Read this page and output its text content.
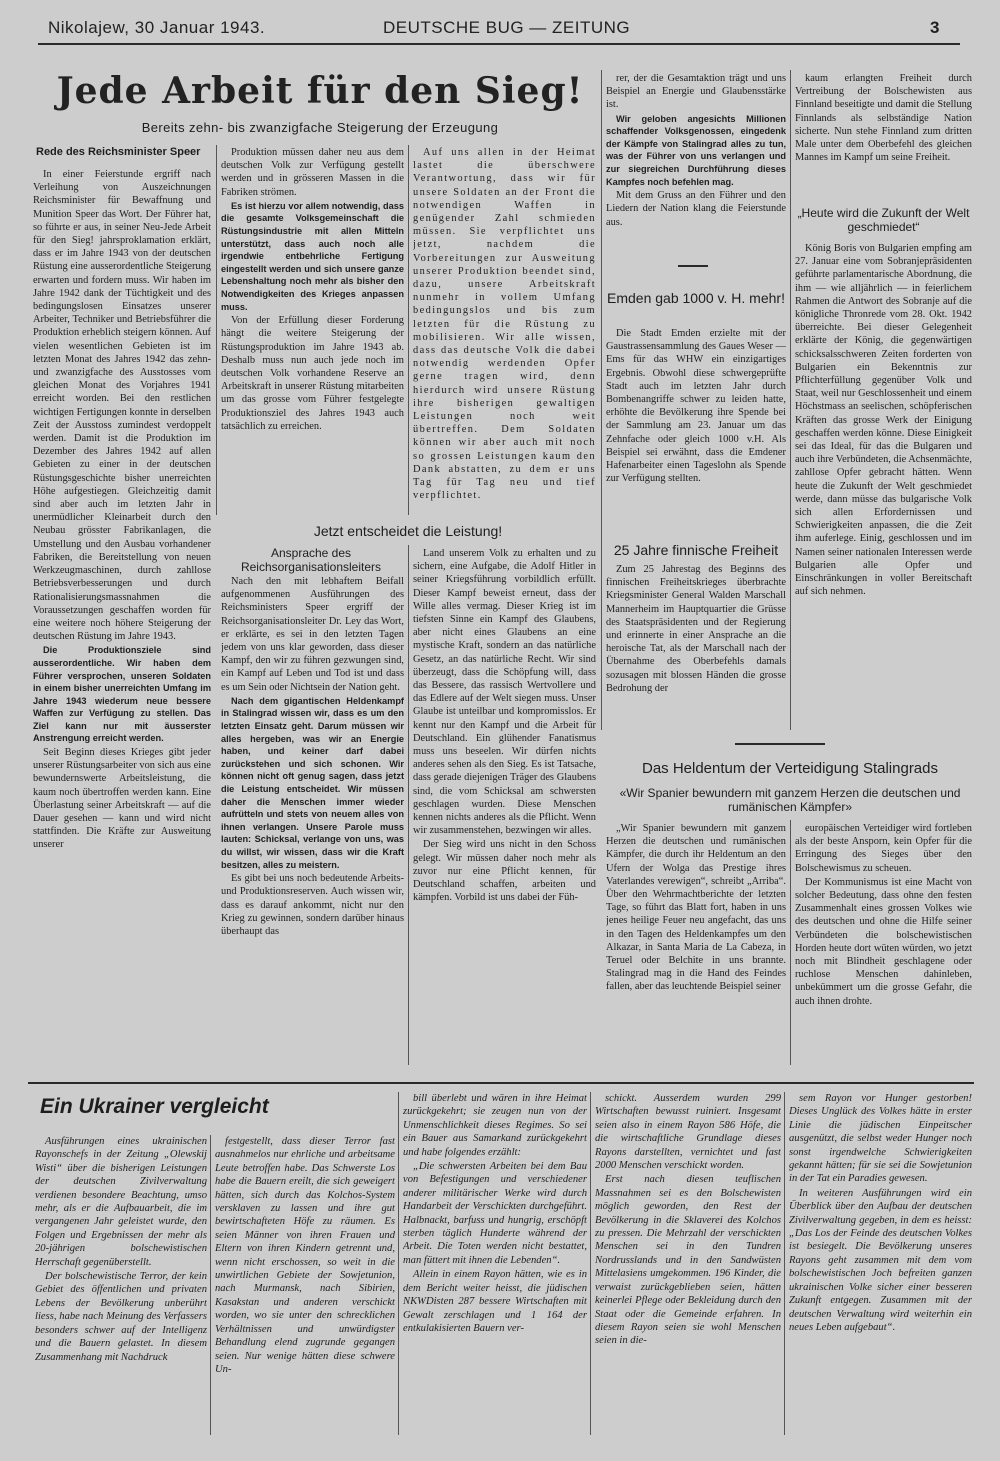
Nikolajew, 30 Januar 1943.	DEUTSCHE BUG — ZEITUNG	3
Jede Arbeit für den Sieg!
Bereits zehn- bis zwanzigfache Steigerung der Erzeugung
Rede des Reichsminister Speer

In einer Feierstunde ergriff nach Verleihung von Auszeichnungen Reichsminister für Bewaffnung und Munition Speer das Wort. Der Führer hat, so führte er aus, in seiner Neu-Jede Arbeit für den Sieg! jahrsproklamation erklärt, dass er im Jahre 1943 von der deutschen Rüstung eine ausserordentliche Steigerung erwarten und fordern muss. Wir haben im Jahre 1942 dank der Tüchtigkeit und des bedingungslosen Einsatzes unserer Arbeiter, Techniker und Betriebsführer die Produktion erheblich steigern können. Auf vielen wesentlichen Gebieten ist im letzten Monat des Jahres 1942 das zehn- und zwanzigfache des Ausstosses vom gleichen Monat des Vorjahres 1941 erreicht worden. Bei den restlichen wichtigen Fertigungen konnte in derselben Zeit der Ausstoss zumindest verdoppelt werden. Damit ist die Produktion im Dezember des Jahres 1942 auf allen Gebieten zu einer in der deutschen Rüstungsgeschichte bisher unerreichten Höhe aufgestiegen. Gleichzeitig damit sind aber auch im letzten Jahr in unermüdlicher Kleinarbeit durch den Neubau grösster Fabrikanlagen, die Umstellung und den Ausbau vorhandener Fabriken, die Bereitstellung von neuen Werkzeugmaschinen, durch zahllose Betriebsverbesserungen und durch Rationalisierungsmassnahmen die Voraussetzungen geschaffen worden für eine weitere noch höhere Steigerung der deutschen Rüstung im Jahre 1943.

Die Produktionsziele sind ausserordentliche. Wir haben dem Führer versprochen, unseren Soldaten in einem bisher unerreichten Umfang im Jahre 1943 wiederum neue bessere Waffen zur Verfügung zu stellen. Das Ziel kann nur mit äusserster Anstrengung erreicht werden.

Seit Beginn dieses Krieges gibt jeder unserer Rüstungsarbeiter von sich aus eine bewundernswerte Arbeitsleistung, die kaum noch übertroffen werden kann. Eine Überlastung seiner Arbeitskraft — auf die Dauer gesehen — kann und wird nicht stattfinden. Die Kräfte zur Ausweitung unserer

Produktion müssen daher neu aus dem deutschen Volk zur Verfügung gestellt werden und in grösseren Massen in die Fabriken strömen.

Es ist hierzu vor allem notwendig, dass die gesamte Volksgemeinschaft die Rüstungsindustrie mit allen Mitteln unterstützt, dass auch noch alle irgendwie entbehrliche Fertigung eingestellt werden und sich unsere ganze Lebenshaltung noch mehr als bisher den Notwendigkeiten des Krieges anpassen muss.

Von der Erfüllung dieser Forderung hängt die weitere Steigerung der Rüstungsproduktion im Jahre 1943 ab. Deshalb muss nun auch jede noch im deutschen Volk vorhandene Reserve an Arbeitskraft in unserer Rüstung mitarbeiten um das grosse vom Führer festgelegte Produktionsziel des Jahres 1943 auch tatsächlich zu erreichen.

Auf uns allen in der Heimat lastet die überschwere Verantwortung, dass wir für unsere Soldaten an der Front die notwendigen Waffen in genügender Zahl schmieden müssen. Sie verpflichtet uns jetzt, nachdem die Vorbereitungen zur Ausweitung unserer Produktion beendet sind, dazu, unsere Arbeitskraft nunmehr in vollem Umfang bedingungslos und bis zum letzten für die Rüstung zu mobilisieren. Wir alle wissen, dass das deutsche Volk die dabei notwendig werdenden Opfer gerne tragen wird, denn hierdurch wird unsere Rüstung ihre bisherigen gewaltigen Leistungen noch weit übertreffen. Dem Soldaten können wir aber auch mit noch so grossen Leistungen kaum den Dank abstatten, zu dem er uns Tag für Tag neu und tief verpflichtet.

rer, der die Gesamtaktion trägt und uns Beispiel an Energie und Glaubensstärke ist.

Wir geloben angesichts Millionen schaffender Volksgenossen, eingedenk der Kämpfe von Stalingrad alles zu tun, was der Führer von uns verlangen und zur siegreichen Durchführung dieses Kampfes noch befehlen mag.

Mit dem Gruss an den Führer und den Liedern der Nation klang die Feierstunde aus.

Emden gab 1000 v. H. mehr!

Die Stadt Emden erzielte mit der Gaustrassensammlung des Gaues Weser — Ems für das WHW ein einzigartiges Ergebnis. Obwohl diese schwergeprüfte Stadt auch im letzten Jahr durch Bombenangriffe schwer zu leiden hatte, erhöhte die Bevölkerung ihre Spende bei der Sammlung am 23. Januar um das Zehnfache oder gleich 1000 v.H. Als Beispiel sei erwähnt, dass die Emdener Hafenarbeiter einen Tageslohn als Spende zur Verfügung stellten.

25 Jahre finnische Freiheit

Zum 25 Jahrestag des Beginns des finnischen Freiheitskrieges überbrachte Kriegsminister General Walden Marschall Mannerheim im Hauptquartier die Grüsse des Staatspräsidenten und der Regierung und erinnerte in einer Ansprache an die heroische Tat, als der Marschall nach der Übernahme des Oberbefehls damals sozusagen mit blossen Händen die grosse Bedrohung der

kaum erlangten Freiheit durch Vertreibung der Bolschewisten aus Finnland beseitigte und damit die Stellung Finnlands als selbständige Nation sicherte. Nun stehe Finnland zum dritten Male unter dem Oberbefehl des gleichen Mannes im Kampf um seine Freiheit.

„Heute wird die Zukunft der Welt geschmiedet“

König Boris von Bulgarien empfing am 27. Januar eine vom Sobranjepräsidenten geführte parlamentarische Abordnung, die ihm — wie alljährlich — in feierlichem Rahmen die Antwort des Sobranje auf die königliche Thronrede vom 28. Okt. 1942 überreichte. Bei dieser Gelegenheit erklärte der König, die gegenwärtigen schicksalsschweren Zeiten forderten von Bulgarien ein Bekenntnis zur Pflichterfüllung gegenüber Volk und Staat, weil nur Geschlossenheit und einem Höchstmass an seelischen, schöpferischen Kräften das grosse Werk der Einigung geschaffen werden könne. Diese Einigkeit sei das Ideal, für das die Bulgaren und auch ihre Verbündeten, die Achsenmächte, zahllose Opfer gebracht hätten. Wenn heute die Zukunft der Welt geschmiedet werde, dann müsse das bulgarische Volk sich allen Erfordernissen und Schwierigkeiten anpassen, die die Zeit ihm auferlege. Einig, geschlossen und im Namen seiner nationalen Interessen werde Bulgarien alle Opfer und Einschränkungen in voller Bereitschaft auf sich nehmen.

Jetzt entscheidet die Leistung!
Ansprache des Reichsorganisationsleiters

Nach den mit lebhaftem Beifall aufgenommenen Ausführungen des Reichsministers Speer ergriff der Reichsorganisationsleiter Dr. Ley das Wort, er erklärte, es sei in den letzten Tagen jedem von uns klar geworden, dass dieser Kampf, den wir zu führen gezwungen sind, ein Kampf auf Leben und Tod ist und dass es um Sein oder Nichtsein der Nation geht.

Nach dem gigantischen Heldenkampf in Stalingrad wissen wir, dass es um den letzten Einsatz geht. Darum müssen wir alles hergeben, was wir an Energie haben, und keiner darf dabei zurückstehen und sich schonen. Wir können nicht oft genug sagen, dass jetzt die Leistung entscheidet. Wir müssen daher die Menschen immer wieder aufrütteln und stets von neuem alles von ihnen verlangen. Unsere Parole muss lauten: Schicksal, verlange von uns, was du willst, wir wissen, dass wir die Kraft besitzen, alles zu meistern.

Es gibt bei uns noch bedeutende Arbeits- und Produktionsreserven. Auch wissen wir, dass es darauf ankommt, nicht nur den Krieg zu gewinnen, sondern darüber hinaus überhaupt das

Land unserem Volk zu erhalten und zu sichern, eine Aufgabe, die Adolf Hitler in seiner Kriegsführung vorbildlich erfüllt. Dieser Kampf beweist erneut, dass der Wille alles vermag. Dieser Krieg ist im tiefsten Sinne ein Kampf des Glaubens, aber nicht eines Glaubens an eine mystische Kraft, sondern an das natürliche Gesetz, an das natürliche Recht. Wir sind überzeugt, dass die Schöpfung will, dass das Bessere, das rassisch Wertvollere und das Edlere auf der Welt siegen muss. Unser Glaube ist unteilbar und kompromisslos. Er kennt nur den Kampf und die Arbeit für Deutschland. Ein glühender Fanatismus muss uns beseelen. Wir dürfen nichts anderes sehen als den Sieg. Es ist Tatsache, dass gerade diejenigen Träger des Glaubens sind, die vom Schicksal am schwersten geschlagen wurden. Diese Menschen kennen nichts anderes als die Pflicht. Wenn wir zusammenstehen, bezwingen wir alles.

Der Sieg wird uns nicht in den Schoss gelegt. Wir müssen daher noch mehr als zuvor nur eine Pflicht kennen, für Deutschland schaffen, arbeiten und kämpfen. Vorbild ist uns dabei der Füh-

Das Heldentum der Verteidigung Stalingrads
«Wir Spanier bewundern mit ganzem Herzen die deutschen und rumänischen Kämpfer»

„Wir Spanier bewundern mit ganzem Herzen die deutschen und rumänischen Kämpfer, die durch ihr Heldentum an den Ufern der Wolga das Prestige ihres Vaterlandes verewigen“, schreibt „Arriba“. Über den Wehrmachtberichte der letzten Tage, so führt das Blatt fort, haben in uns jenes heilige Feuer neu angefacht, das uns in den Tagen des Heldenkampfes um den Alkazar, in Santa Maria de La Cabeza, in Teruel oder Belchite in uns brannte. Stalingrad mag in die Hand des Feindes fallen, aber das leuchtende Beispiel seiner

europäischen Verteidiger wird fortleben als der beste Ansporn, kein Opfer für die Erringung des Sieges über den Bolschewismus zu scheuen.

Der Kommunismus ist eine Macht von solcher Bedeutung, dass ohne den festen Zusammenhalt eines grossen Volkes wie des deutschen und ohne die Hilfe seiner Verbündeten die bolschewistischen Horden heute dort wüten würden, wo jetzt noch mit Blindheit geschlagene oder ruchlose Menschen dahinleben, unbekümmert um die grosse Gefahr, die auch ihnen drohte.

Ein Ukrainer vergleicht

Ausführungen eines ukrainischen Rayonschefs in der Zeitung „Olewskij Wisti“ über die bisherigen Leistungen der deutschen Zivilverwaltung verdienen besondere Beachtung, umso mehr, als er die Aufbauarbeit, die im vergangenen Jahr geleistet wurde, den Folgen und Ergebnissen der mehr als 20-jährigen bolschewistischen Herrschaft gegenüberstellt.

Der bolschewistische Terror, der kein Gebiet des öffentlichen und privaten Lebens der Bevölkerung unberührt liess, habe nach Meinung des Verfassers besonders schwer auf der Intelligenz und die Bauern gelastet. In diesem Zusammenhang mit Nachdruck

festgestellt, dass dieser Terror fast ausnahmelos nur ehrliche und arbeitsame Leute betroffen habe. Das Schwerste Los habe die Bauern ereilt, die sich geweigert hätten, sich durch das Kolchos-System versklaven zu lassen und ihre gut bewirtschafteten Höfe zu räumen. Es seien Männer von ihren Frauen und Eltern von ihren Kindern getrennt und, wenn nicht erschossen, so weit in die unwirtlichen Gebiete der Sowjetunion, nach Murmansk, nach Sibirien, Kasakstan und anderen verschickt worden, wo sie unter den schrecklichen Verhältnissen und unwürdigster Behandlung elend zugrunde gegangen seien. Nur wenige hätten diese schwere Un-

bill überlebt und wären in ihre Heimat zurückgekehrt; sie zeugen nun von der Unmenschlichkeit dieses Regimes. So sei ein Bauer aus Samarkand zurückgekehrt und habe folgendes erzählt:

„Die schwersten Arbeiten bei dem Bau von Befestigungen und verschiedener anderer militärischer Werke wird durch Handarbeit der Verschickten durchgeführt. Halbnackt, barfuss und hungrig, erschöpft sterben täglich Hunderte während der Arbeit. Die Toten werden nicht bestattet, man füttert mit ihnen die Lebenden“.

Allein in einem Rayon hätten, wie es in dem Bericht weiter heisst, die jüdischen NKWDisten 287 bessere Wirtschaften mit Gewalt zerschlagen und 1 164 der entkulakisierten Bauern ver-

schickt. Ausserdem wurden 299 Wirtschaften bewusst ruiniert. Insgesamt seien also in einem Rayon 586 Höfe, die die wirtschaftliche Grundlage dieses Rayons darstellten, vernichtet und fast 2000 Menschen verschickt worden.

Erst nach diesen teuflischen Massnahmen sei es den Bolschewisten möglich geworden, den Rest der Bevölkerung in die Sklaverei des Kolchos zu pressen. Die Mehrzahl der verschickten Menschen sei in den Tundren Nordrusslands und in den Sandwüsten Mittelasiens umgekommen. 196 Kinder, die verwaist zurückgeblieben seien, hätten keinerlei Pflege oder Bekleidung durch den Staat oder die Gemeinde erfahren. In diesem Rayon seien sie wohl Menschen seien in die-

sem Rayon vor Hunger gestorben! Dieses Unglück des Volkes hätte in erster Linie die jüdischen Einpeitscher ausgenützt, die selbst weder Hunger noch sonst irgendwelche Schwierigkeiten gekannt hätten; für sie sei die Sowjetunion in der Tat ein Paradies gewesen.

In weiteren Ausführungen wird ein Überblick über den Aufbau der deutschen Zivilverwaltung gegeben, in dem es heisst: „Das Los der Feinde des deutschen Volkes ist besiegelt. Die Bevölkerung unseres Rayons geht zusammen mit dem vom bolschewistischen Joch befreiten ganzen ukrainischen Volke sicher einer besseren Zukunft entgegen. Zusammen mit der deutschen Verwaltung wird weiterhin ein neues Leben aufgebaut“.
